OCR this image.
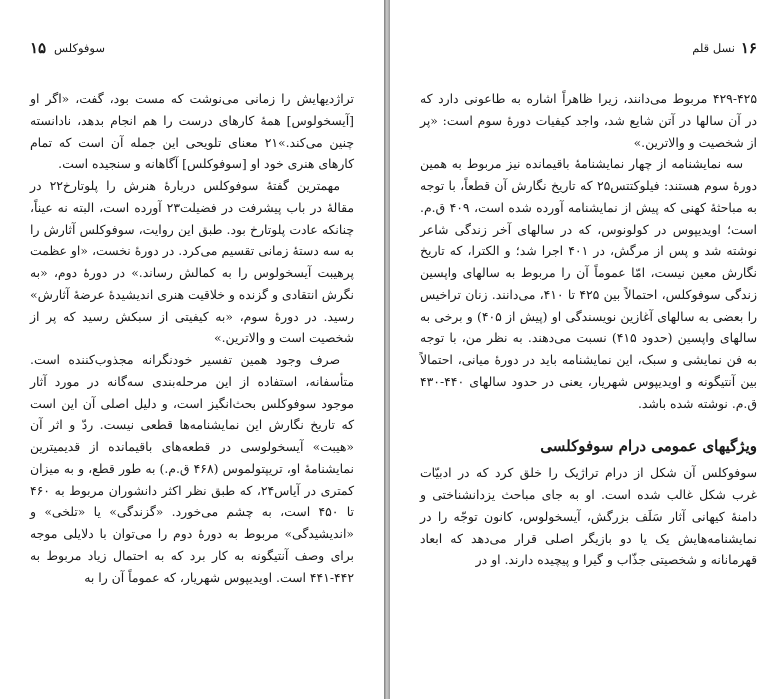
۱۵ سوفوکلس

تراژدیهایش را زمانی می‌نوشت که مست بود، گفت، «اگر او [آیسخولوس] همهٔ کارهای درست را هم انجام بدهد، نادانسته چنین می‌کند.»۲۱ معنای تلویحی این جمله آن است که تمام کارهای هنری خود او [سوفوکلس] آگاهانه و سنجیده است.

مهمترین گفتهٔ سوفوکلس دربارهٔ هنرش را پلوتارخ۲۲ در مقالهٔ در باب پیشرفت در فضیلت۲۳ آورده است، البته نه عیناً، چنانکه عادت پلوتارخ بود. طبق این روایت، سوفوکلس آثارش را به سه دستهٔ زمانی تقسیم می‌کرد. در دورهٔ نخست، «او عظمت پرهیبت آیسخولوس را به کمالش رساند.» در دورهٔ دوم، «به نگرش انتقادی و گزنده و خلاقیت هنری اندیشیدهٔ عرضهٔ آثارش» رسید. در دورهٔ سوم، «به کیفیتی از سبکش رسید که پر از شخصیت است و والاترین.»

صرف وجود همین تفسیر خودنگرانه مجذوب‌کننده است. متأسفانه، استفاده از این مرحله‌بندی سه‌گانه در مورد آثار موجود سوفوکلس بحث‌انگیز است، و دلیل اصلی آن این است که تاریخ نگارش این نمایشنامه‌ها قطعی نیست. ردّ و اثر آن «هیبت» آیسخولوسی در قطعه‌های باقیمانده از قدیمیترین نمایشنامهٔ او، تریپتولموس (۴۶۸ ق.م.) به طور قطع، و به میزان کمتری در آیاس۲۴، که طبق نظر اکثر دانشوران مربوط به ۴۶۰ تا ۴۵۰ است، به چشم می‌خورد. «گزندگی» یا «تلخی» و «اندیشیدگی» مربوط به دورهٔ دوم را می‌توان با دلایلی موجه برای وصف آنتیگونه به کار برد که به احتمال زیاد مربوط به ۴۴۲-۴۴۱ است. اویدیپوس شهریار، که عموماً آن را به

۱۶
نسل قلم

۴۲۹-۴۲۵ مربوط می‌دانند، زیرا ظاهراً اشاره به طاعونی دارد که در آن سالها در آتن شایع شد، واجد کیفیات دورهٔ سوم است: «پر از شخصیت و والاترین.»

سه نمایشنامه از چهار نمایشنامهٔ باقیمانده نیز مربوط به همین دورهٔ سوم هستند: فیلوکتتس۲۵ که تاریخ نگارش آن قطعاً، با توجه به مباحثهٔ کهنی که پیش از نمایشنامه آورده شده است، ۴۰۹ ق.م. است؛ اویدیپوس در کولونوس، که در سالهای آخر زندگی شاعر نوشته شد و پس از مرگش، در ۴۰۱ اجرا شد؛ و الکترا، که تاریخ نگارش معین نیست، امّا عموماً آن را مربوط به سالهای واپسین زندگی سوفوکلس، احتمالاً بین ۴۲۵ تا ۴۱۰، می‌دانند. زنان تراخیس را بعضی به سالهای آغازین نویسندگی او (پیش از ۴۰۵) و برخی به سالهای واپسین (حدود ۴۱۵) نسبت می‌دهند. به نظر من، با توجه به فن نمایشی و سبک، این نمایشنامه باید در دورهٔ میانی، احتمالاً بین آنتیگونه و اویدیپوس شهریار، یعنی در حدود سالهای ۴۴۰-۴۳۰ ق.م. نوشته شده باشد.

ویژگیهای عمومی درام سوفوکلسی

سوفوکلس آن شکل از درام تراژیک را خلق کرد که در ادبیّات غرب شکل غالب شده است. او به جای مباحث یزدانشناختی و دامنهٔ کیهانی آثار سَلَف بزرگش، آیسخولوس، کانون توجّه را در نمایشنامه‌هایش یک یا دو بازیگر اصلی قرار می‌دهد که ابعاد قهرمانانه و شخصیتی جذّاب و گیرا و پیچیده دارند. او در
